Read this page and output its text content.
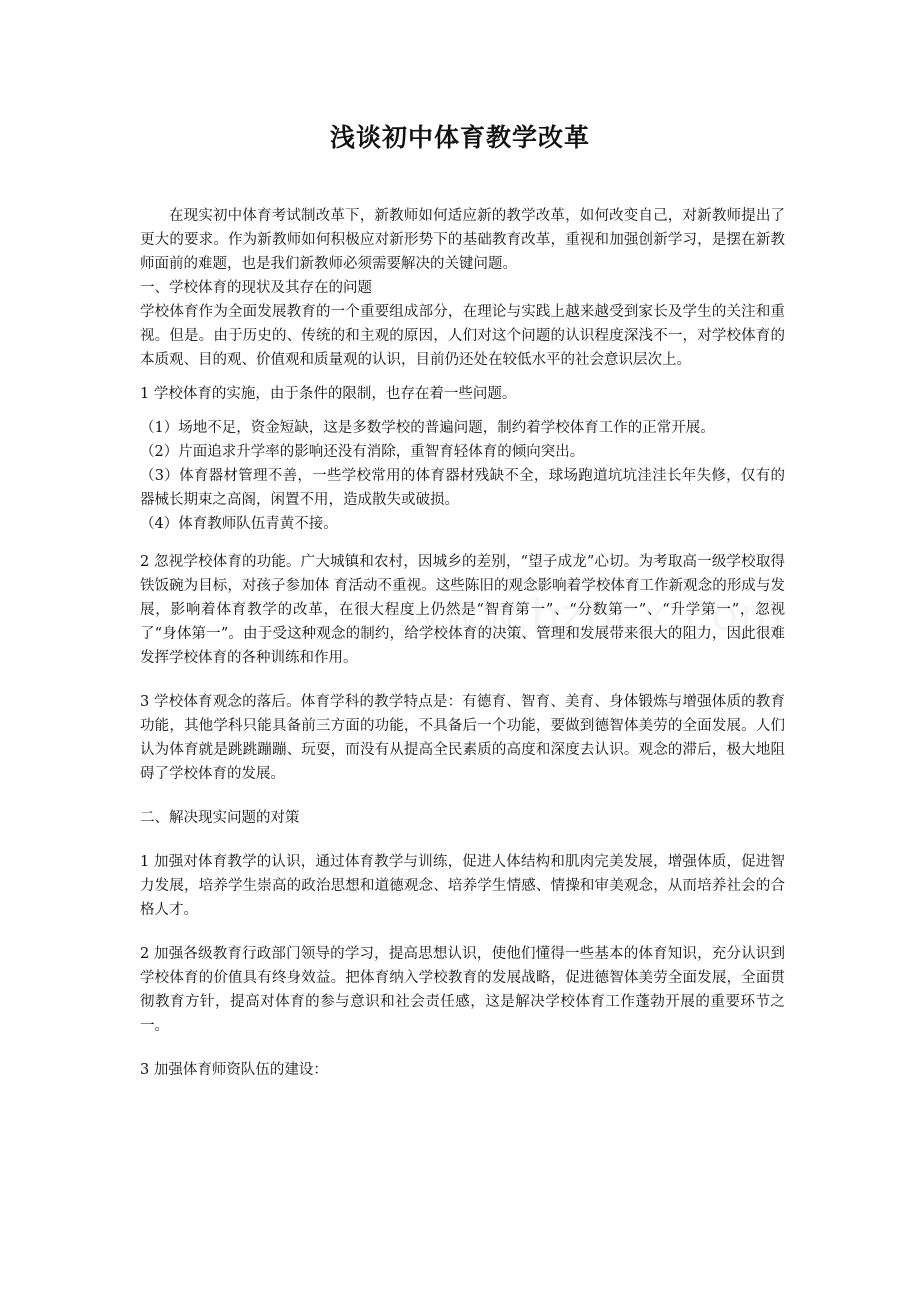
浅谈初中体育教学改革

在现实初中体育考试制改革下，新教师如何适应新的教学改革，如何改变自己，对新教师提出了更大的要求。作为新教师如何积极应对新形势下的基础教育改革，重视和加强创新学习，是摆在新教师面前的难题，也是我们新教师必须需要解决的关键问题。

一、学校体育的现状及其存在的问题

学校体育作为全面发展教育的一个重要组成部分，在理论与实践上越来越受到家长及学生的关注和重视。但是。由于历史的、传统的和主观的原因，人们对这个问题的认识程度深浅不一，对学校体育的本质观、目的观、价值观和质量观的认识，目前仍还处在较低水平的社会意识层次上。

1 学校体育的实施，由于条件的限制，也存在着一些问题。

（1）场地不足，资金短缺，这是多数学校的普遍问题，制约着学校体育工作的正常开展。

（2）片面追求升学率的影响还没有消除，重智育轻体育的倾向突出。

（3）体育器材管理不善，一些学校常用的体育器材残缺不全，球场跑道坑坑洼洼长年失修，仅有的器械长期束之高阁，闲置不用，造成散失或破损。

（4）体育教师队伍青黄不接。

2 忽视学校体育的功能。广大城镇和农村，因城乡的差别，“望子成龙”心切。为考取高一级学校取得铁饭碗为目标，对孩子参加体 育活动不重视。这些陈旧的观念影响着学校体育工作新观念的形成与发展，影响着体育教学的改革，在很大程度上仍然是“智育第一”、“分数第一”、“升学第一”，忽视了“身体第一”。由于受这种观念的制约，给学校体育的决策、管理和发展带来很大的阻力，因此很难发挥学校体育的各种训练和作用。

3 学校体育观念的落后。体育学科的教学特点是：有德育、智育、美育、身体锻炼与增强体质的教育功能，其他学科只能具备前三方面的功能，不具备后一个功能，要做到德智体美劳的全面发展。人们认为体育就是跳跳蹦蹦、玩耍，而没有从提高全民素质的高度和深度去认识。观念的滞后，极大地阻碍了学校体育的发展。

二、解决现实问题的对策

1 加强对体育教学的认识，通过体育教学与训练，促进人体结构和肌肉完美发展，增强体质，促进智力发展，培养学生崇高的政治思想和道德观念、培养学生情感、情操和审美观念，从而培养社会的合格人才。

2 加强各级教育行政部门领导的学习，提高思想认识，使他们懂得一些基本的体育知识，充分认识到学校体育的价值具有终身效益。把体育纳入学校教育的发展战略，促进德智体美劳全面发展，全面贯彻教育方针，提高对体育的参与意识和社会责任感，这是解决学校体育工作蓬勃开展的重要环节之一。

3 加强体育师资队伍的建设：
